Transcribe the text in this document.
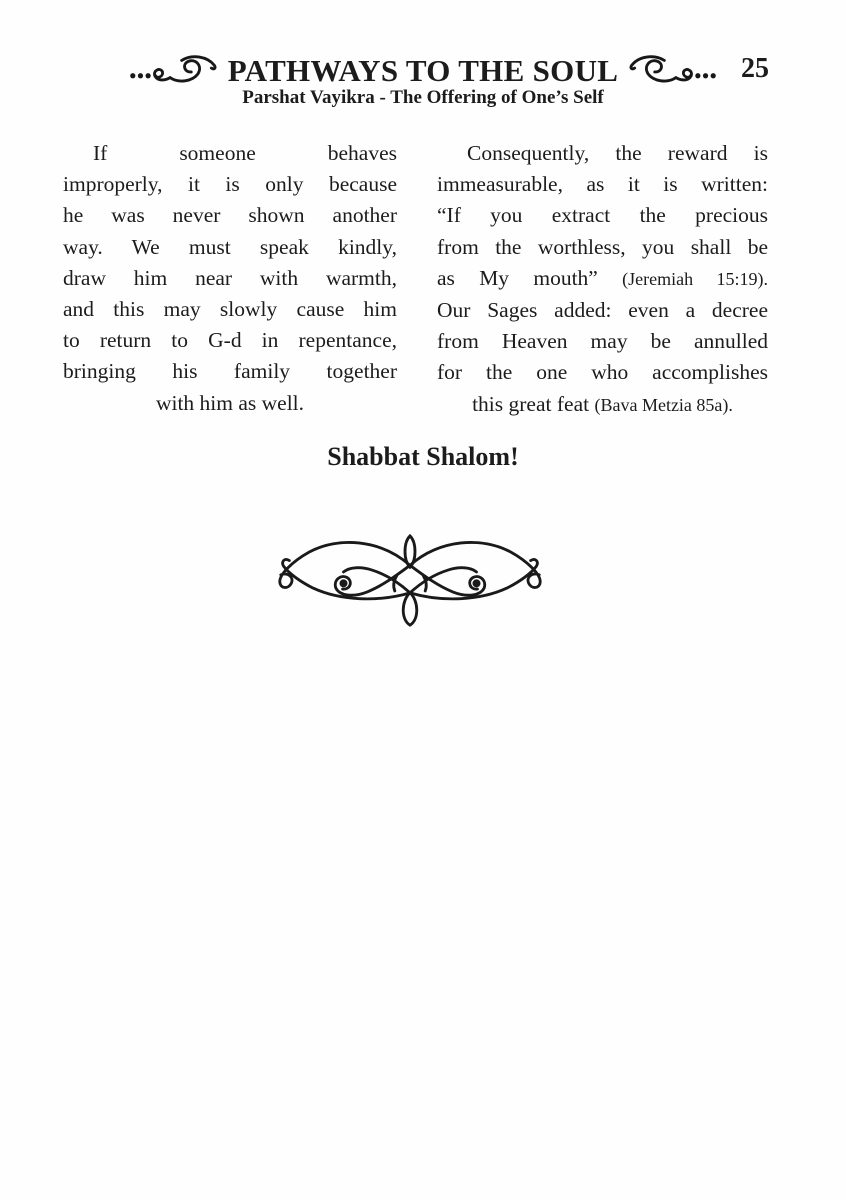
PATHWAYS TO THE SOUL	25
Parshat Vayikra - The Offering of One’s Self
If someone behaves
improperly, it is only because
he was never shown another
way. We must speak kindly,
draw him near with warmth,
and this may slowly cause him
to return to G-d in repentance,
bringing his family together
with him as well.
Consequently, the reward is
immeasurable, as it is written:
“If you extract the precious
from the worthless, you shall be
as My mouth” (Jeremiah 15:19).
Our Sages added: even a decree
from Heaven may be annulled
for the one who accomplishes
this great feat (Bava Metzia 85a).
Shabbat Shalom!
